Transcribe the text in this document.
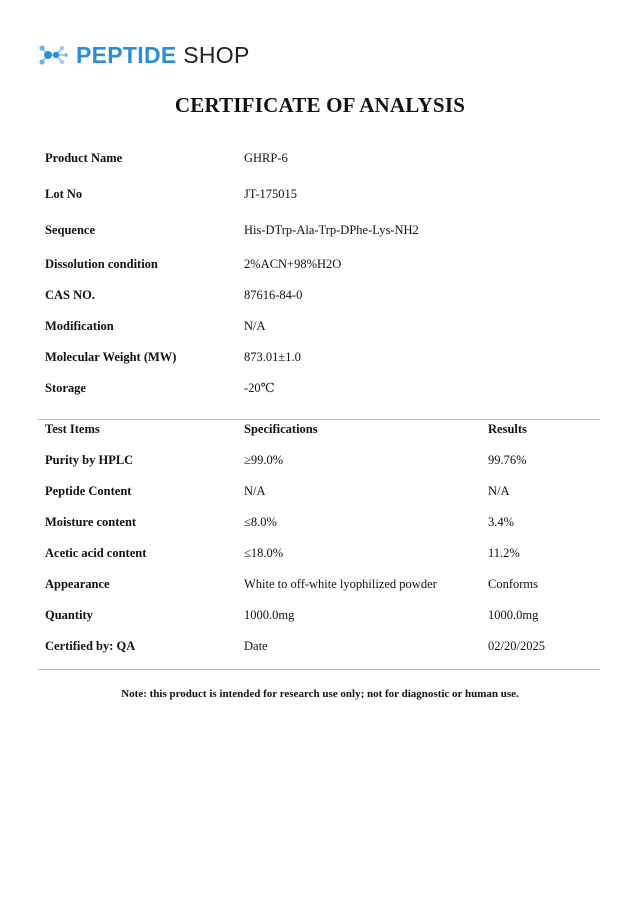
PEPTIDE SHOP
CERTIFICATE OF ANALYSIS
Product Name	GHRP-6
Lot No	JT-175015
Sequence	His-DTrp-Ala-Trp-DPhe-Lys-NH2
Dissolution condition	2%ACN+98%H2O
CAS NO.	87616-84-0
Modification	N/A
Molecular Weight (MW)	873.01±1.0
Storage	-20℃
Test Items	Specifications	Results
Purity by HPLC	≥99.0%	99.76%
Peptide Content	N/A	N/A
Moisture content	≤8.0%	3.4%
Acetic acid content	≤18.0%	11.2%
Appearance	White to off-white lyophilized powder	Conforms
Quantity	1000.0mg	1000.0mg
Certified by: QA	Date	02/20/2025
Note: this product is intended for research use only; not for diagnostic or human use.
